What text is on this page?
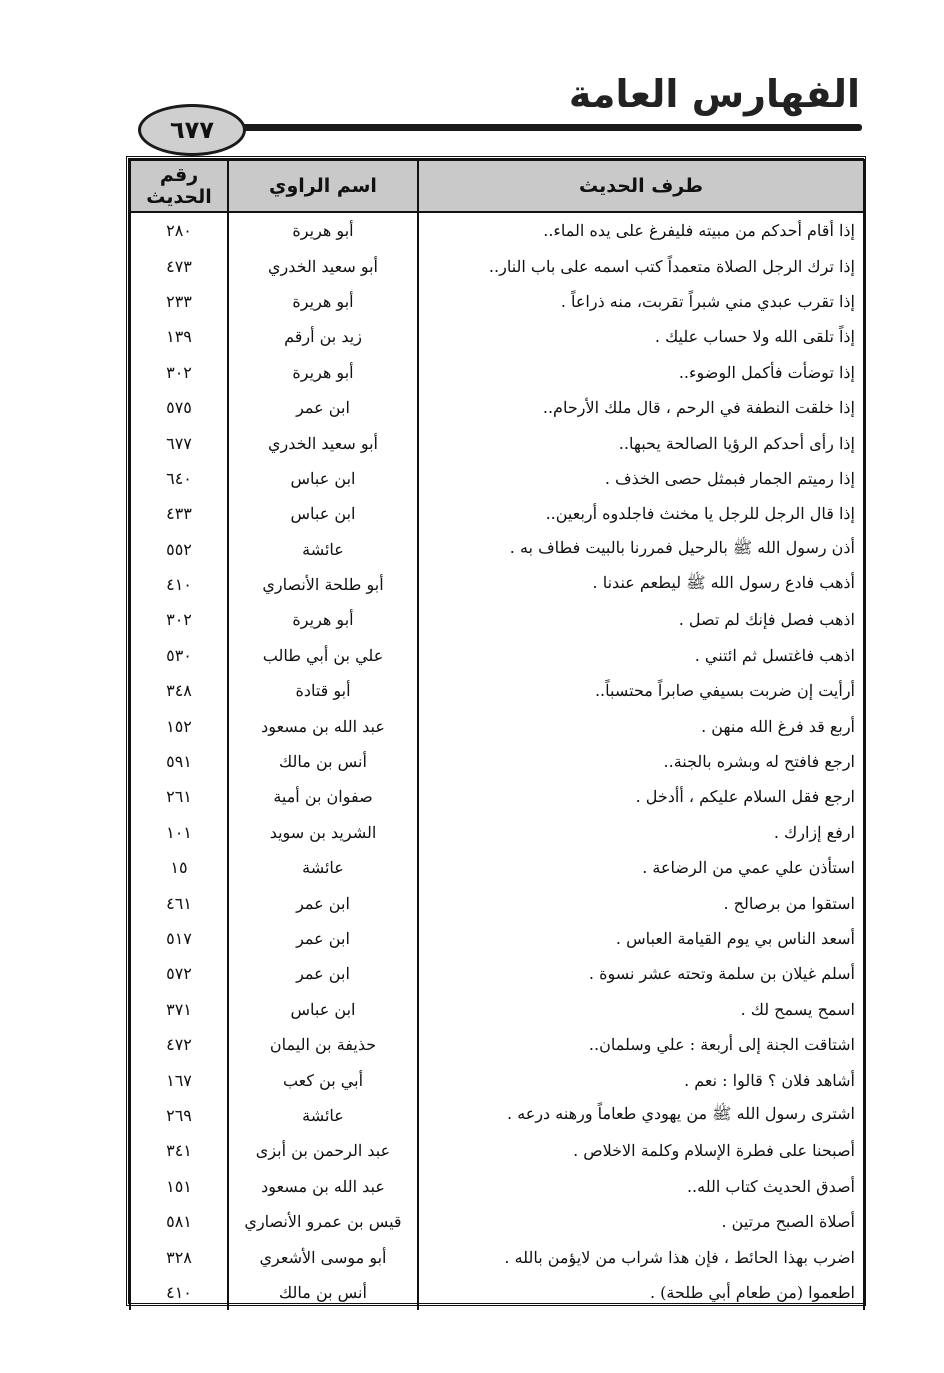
الفهارس العامة
٦٧٧
طرف الحديث	اسم الراوي	رقم الحديث
إذا أقام أحدكم من مبيته فليفرغ على يده الماء..	أبو هريرة	٢٨٠
إذا ترك الرجل الصلاة متعمداً كتب اسمه على باب النار..	أبو سعيد الخدري	٤٧٣
إذا تقرب عبدي مني شبراً تقربت، منه ذراعاً .	أبو هريرة	٢٣٣
إذاً تلقى الله ولا حساب عليك .	زيد بن أرقم	١٣٩
إذا توضأت فأكمل الوضوء..	أبو هريرة	٣٠٢
إذا خلقت النطفة في الرحم ، قال ملك الأرحام..	ابن عمر	٥٧٥
إذا رأى أحدكم الرؤيا الصالحة يحبها..	أبو سعيد الخدري	٦٧٧
إذا رميتم الجمار فبمثل حصى الخذف .	ابن عباس	٦٤٠
إذا قال الرجل للرجل يا مخنث فاجلدوه أربعين..	ابن عباس	٤٣٣
أذن رسول الله ﷺ بالرحيل فمررنا بالبيت فطاف به .	عائشة	٥٥٢
أذهب فادع رسول الله ﷺ ليطعم عندنا .	أبو طلحة الأنصاري	٤١٠
اذهب فصل فإنك لم تصل .	أبو هريرة	٣٠٢
اذهب فاغتسل ثم ائتني .	علي بن أبي طالب	٥٣٠
أرأيت إن ضربت بسيفي صابراً محتسباً..	أبو قتادة	٣٤٨
أربع قد فرغ الله منهن .	عبد الله بن مسعود	١٥٢
ارجع فافتح له وبشره بالجنة..	أنس بن مالك	٥٩١
ارجع فقل السلام عليكم ، أأدخل .	صفوان بن أمية	٢٦١
ارفع إزارك .	الشريد بن سويد	١٠١
استأذن علي عمي من الرضاعة .	عائشة	١٥
استقوا من برصالح .	ابن عمر	٤٦١
أسعد الناس بي يوم القيامة العباس .	ابن عمر	٥١٧
أسلم غيلان بن سلمة وتحته عشر نسوة .	ابن عمر	٥٧٢
اسمح يسمح لك .	ابن عباس	٣٧١
اشتاقت الجنة إلى أربعة : علي وسلمان..	حذيفة بن اليمان	٤٧٢
أشاهد فلان ؟ قالوا : نعم .	أبي بن كعب	١٦٧
اشترى رسول الله ﷺ من يهودي طعاماً ورهنه درعه .	عائشة	٢٦٩
أصبحنا على فطرة الإسلام وكلمة الاخلاص .	عبد الرحمن بن أبزى	٣٤١
أصدق الحديث كتاب الله..	عبد الله بن مسعود	١٥١
أصلاة الصبح مرتين .	قيس بن عمرو الأنصاري	٥٨١
اضرب بهذا الحائط ، فإن هذا شراب من لايؤمن بالله .	أبو موسى الأشعري	٣٢٨
اطعموا (من طعام أبي طلحة) .	أنس بن مالك	٤١٠
